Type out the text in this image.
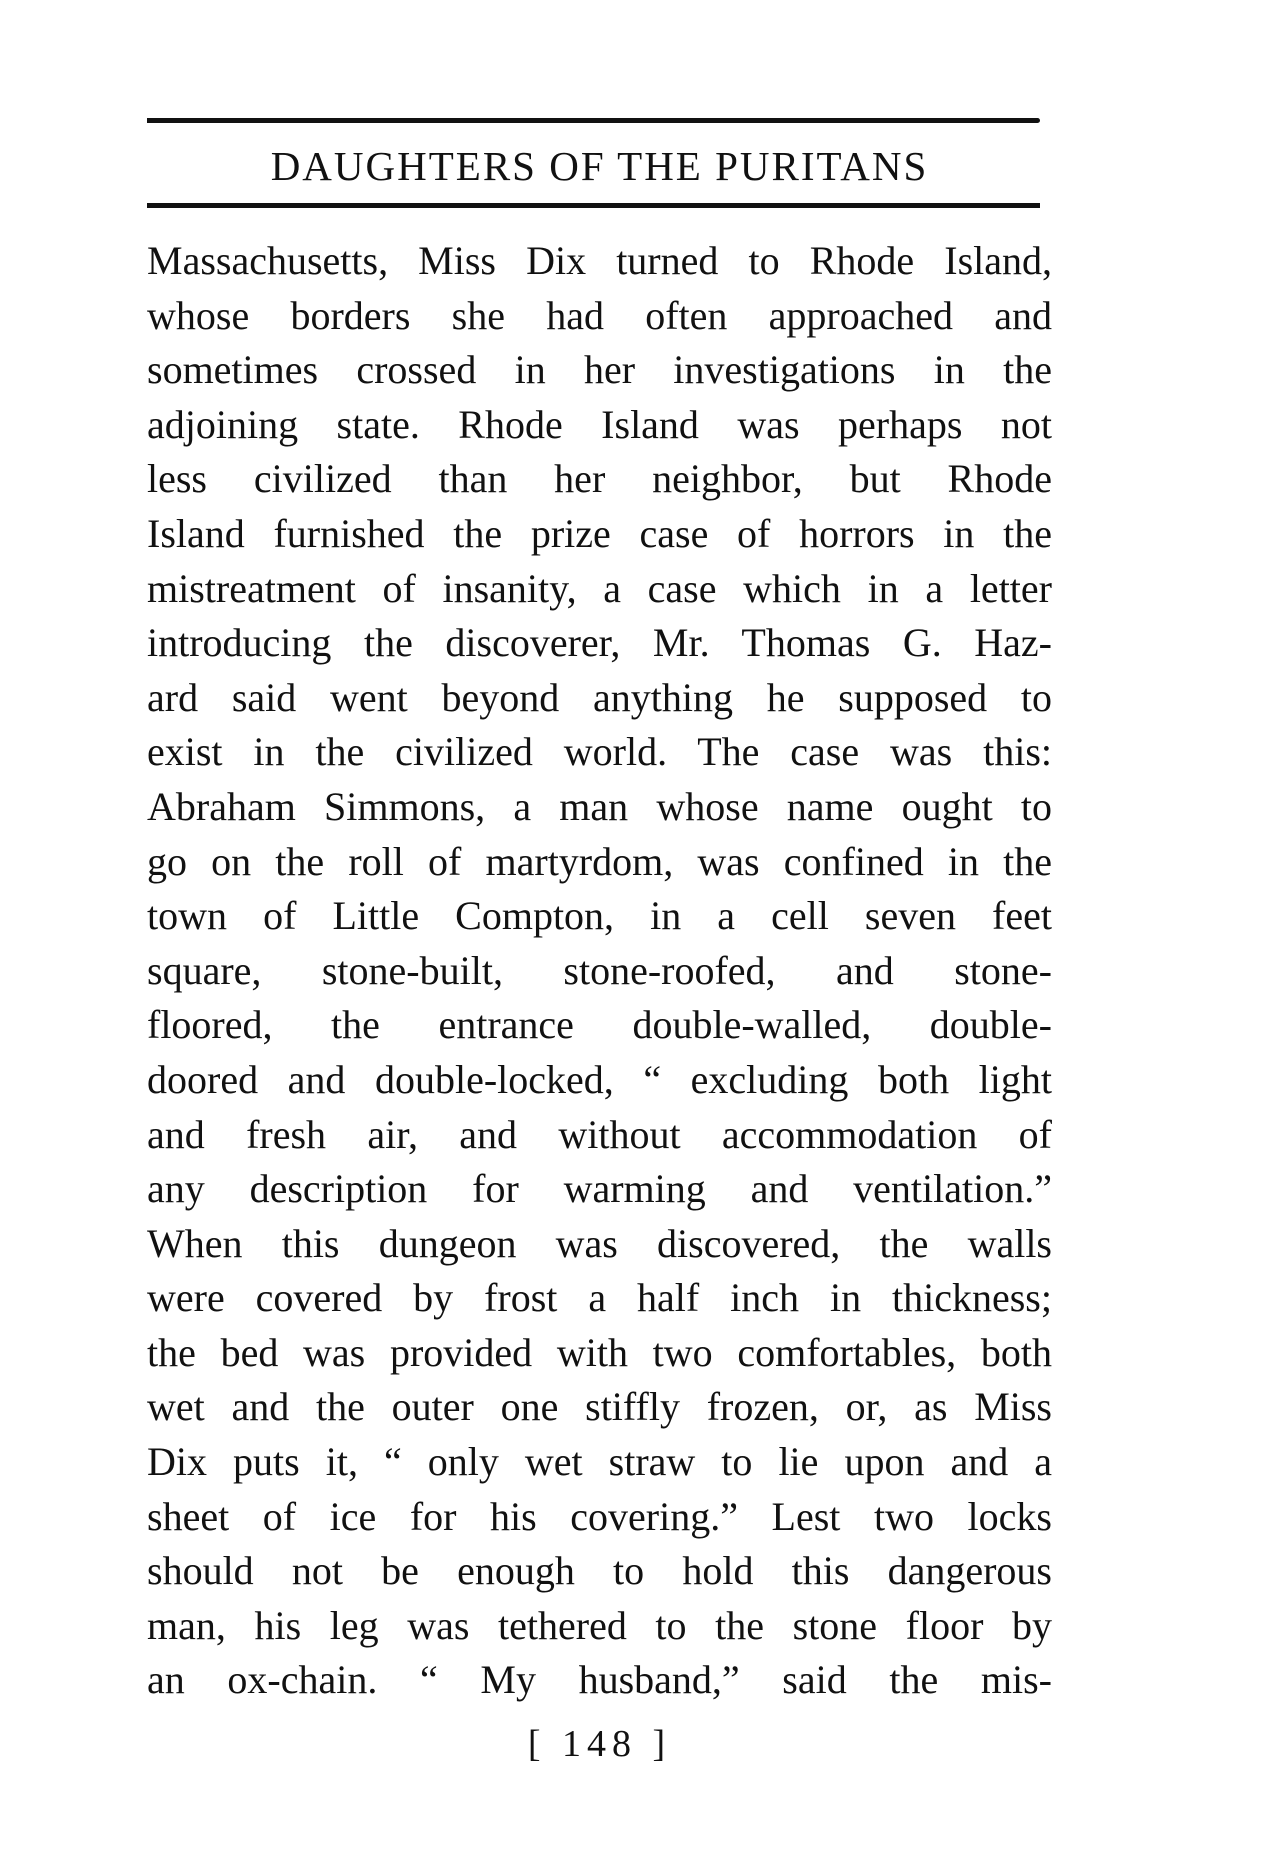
DAUGHTERS OF THE PURITANS
Massachusetts, Miss Dix turned to Rhode Island,
whose borders she had often approached and
sometimes crossed in her investigations in the
adjoining state. Rhode Island was perhaps not
less civilized than her neighbor, but Rhode
Island furnished the prize case of horrors in the
mistreatment of insanity, a case which in a letter
introducing the discoverer, Mr. Thomas G. Haz-
ard said went beyond anything he supposed to
exist in the civilized world. The case was this:
Abraham Simmons, a man whose name ought to
go on the roll of martyrdom, was confined in the
town of Little Compton, in a cell seven feet
square, stone-built, stone-roofed, and stone-
floored, the entrance double-walled, double-
doored and double-locked, “ excluding both light
and fresh air, and without accommodation of
any description for warming and ventilation.”
When this dungeon was discovered, the walls
were covered by frost a half inch in thickness;
the bed was provided with two comfortables, both
wet and the outer one stiffly frozen, or, as Miss
Dix puts it, “ only wet straw to lie upon and a
sheet of ice for his covering.” Lest two locks
should not be enough to hold this dangerous
man, his leg was tethered to the stone floor by
an ox-chain. “ My husband,” said the mis-
[ 148 ]
